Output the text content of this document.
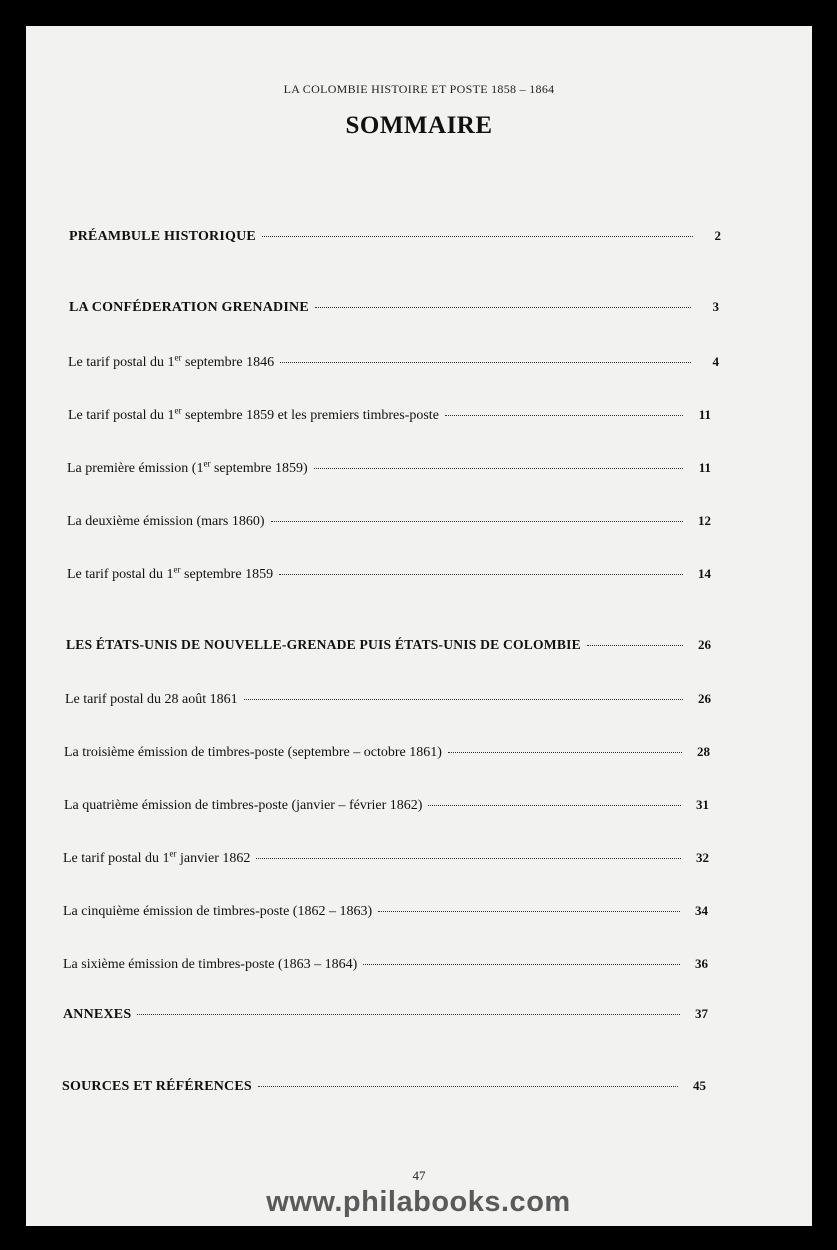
LA COLOMBIE HISTOIRE ET POSTE 1858 – 1864
SOMMAIRE
PRÉAMBULE HISTORIQUE	2
LA CONFÉDERATION GRENADINE	3
Le tarif postal du 1er septembre 1846	4
Le tarif postal du 1er septembre 1859 et les premiers timbres-poste	11
La première émission (1er septembre 1859)	11
La deuxième émission (mars 1860)	12
Le tarif postal du 1er septembre 1859	14
LES ÉTATS-UNIS DE NOUVELLE-GRENADE PUIS ÉTATS-UNIS DE COLOMBIE	26
Le tarif postal du 28 août 1861	26
La troisième émission de timbres-poste (septembre – octobre 1861)	28
La quatrième émission de timbres-poste (janvier – février 1862)	31
Le tarif postal du 1er janvier 1862	32
La cinquième émission de timbres-poste (1862 – 1863)	34
La sixième émission de timbres-poste (1863 – 1864)	36
ANNEXES	37
SOURCES ET RÉFÉRENCES	45
47
www.philabooks.com
